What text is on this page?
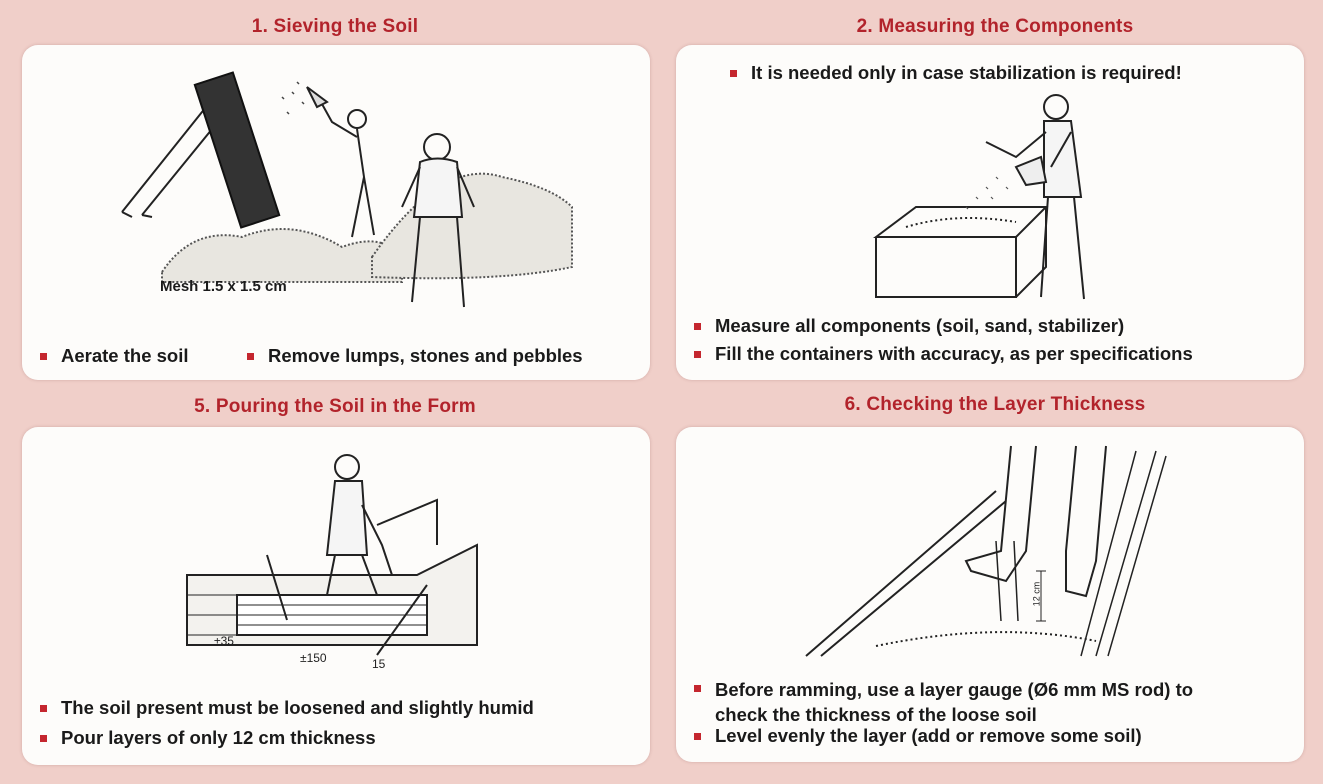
1. Sieving the Soil	2. Measuring the Components
5. Pouring the Soil in the Form	6. Checking the Layer Thickness
Mesh 1.5 x 1.5 cm
Aerate the soil	Remove lumps, stones and pebbles
It is needed only in case stabilization is required!
Measure all components (soil, sand, stabilizer)
Fill the containers with accuracy, as per specifications
±35
±150	15
The soil present must be loosened and slightly humid
Pour layers of only 12 cm thickness
12 cm
Before ramming, use a layer gauge (Ø6 mm MS rod) to check the thickness of the loose soil
Level evenly the layer (add or remove some soil)
